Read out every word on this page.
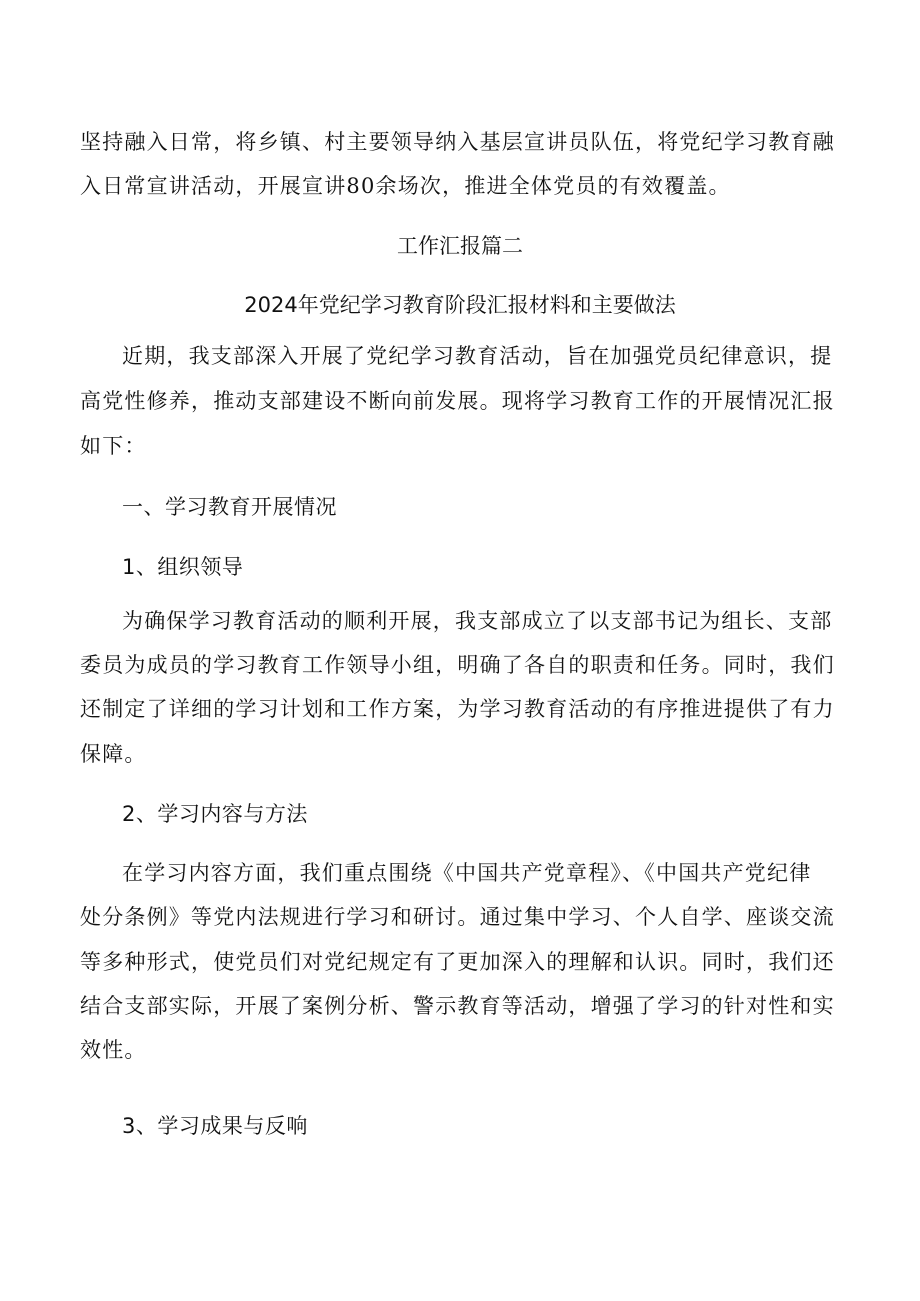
坚持融入日常，将乡镇、村主要领导纳入基层宣讲员队伍，将党纪学习教育融
入日常宣讲活动，开展宣讲80余场次，推进全体党员的有效覆盖。
工作汇报篇二
2024年党纪学习教育阶段汇报材料和主要做法
近期，我支部深入开展了党纪学习教育活动，旨在加强党员纪律意识，提
高党性修养，推动支部建设不断向前发展。现将学习教育工作的开展情况汇报
如下：
一、学习教育开展情况
1、组织领导
为确保学习教育活动的顺利开展，我支部成立了以支部书记为组长、支部
委员为成员的学习教育工作领导小组，明确了各自的职责和任务。同时，我们
还制定了详细的学习计划和工作方案，为学习教育活动的有序推进提供了有力
保障。
2、学习内容与方法
在学习内容方面，我们重点围绕《中国共产党章程》、《中国共产党纪律
处分条例》等党内法规进行学习和研讨。通过集中学习、个人自学、座谈交流
等多种形式，使党员们对党纪规定有了更加深入的理解和认识。同时，我们还
结合支部实际，开展了案例分析、警示教育等活动，增强了学习的针对性和实
效性。
3、学习成果与反响
